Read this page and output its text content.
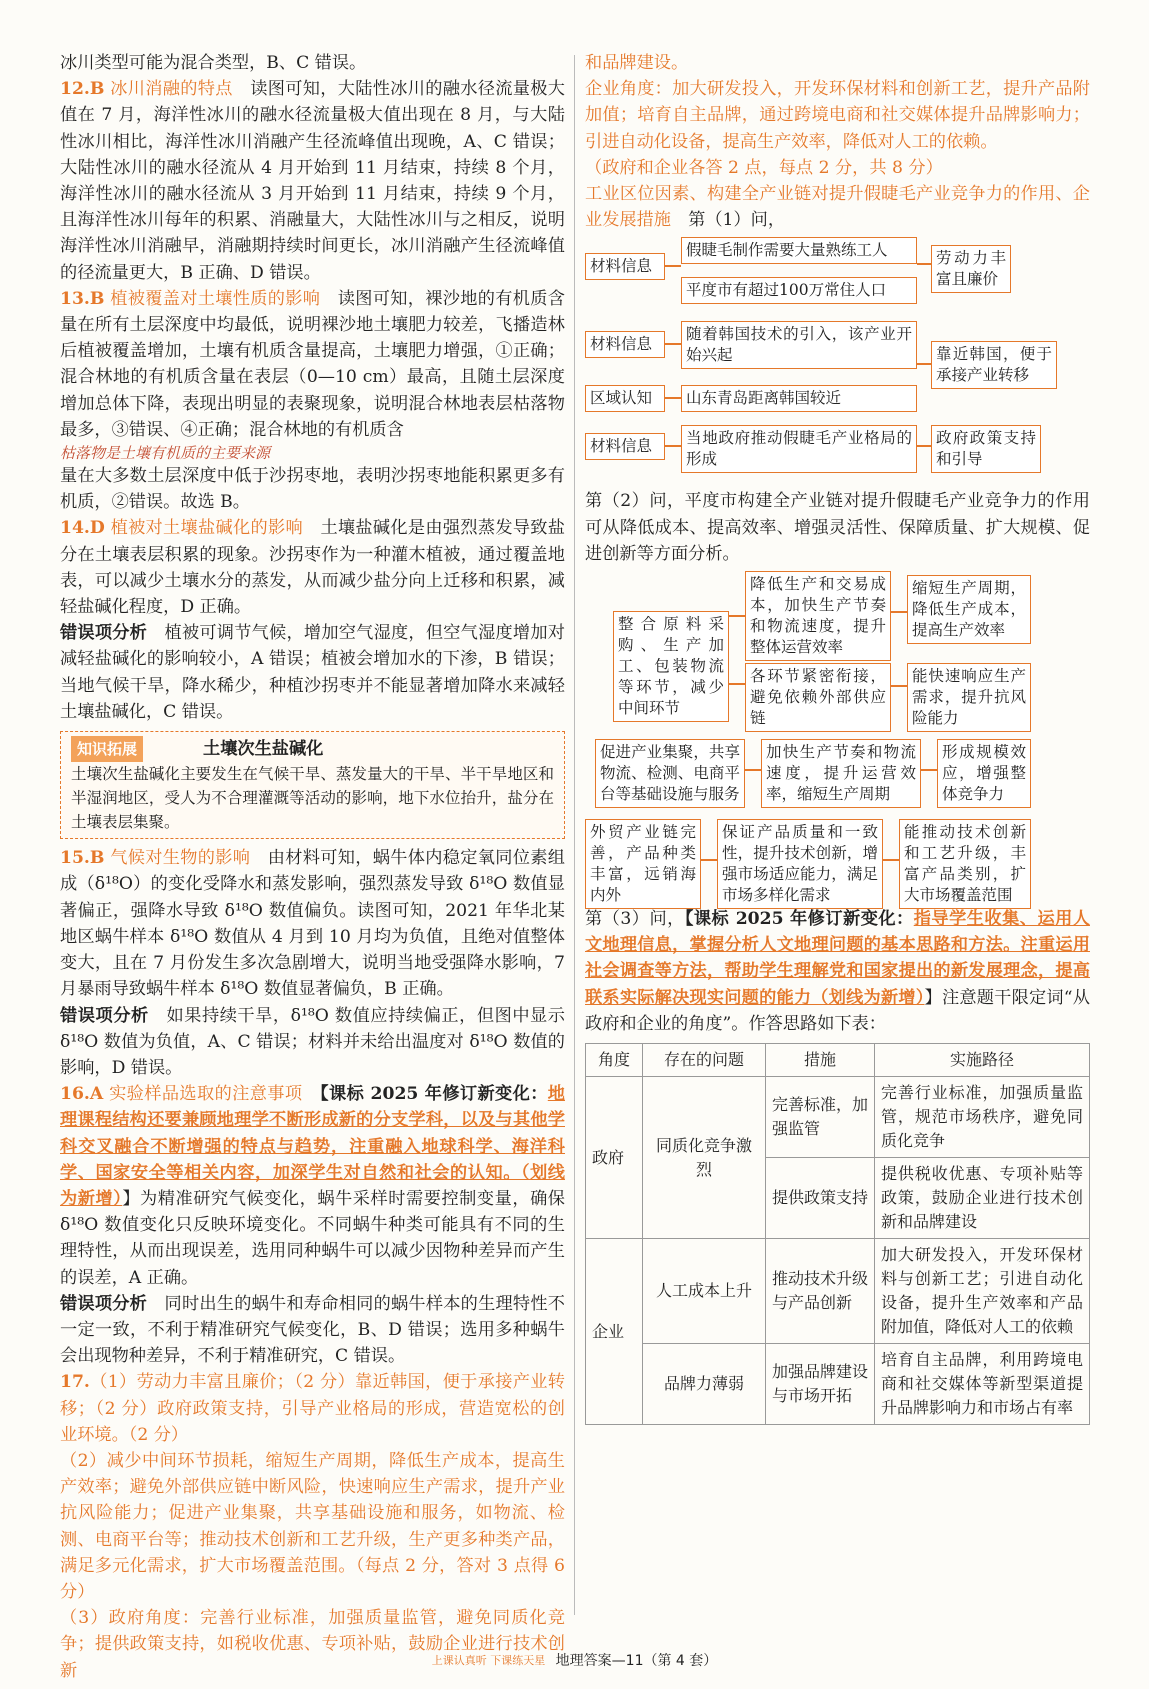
冰川类型可能为混合类型，B、C 错误。

12.B 冰川消融的特点　 读图可知，大陆性冰川的融水径流量极大值在 7 月，海洋性冰川的融水径流量极大值出现在 8 月，与大陆性冰川相比，海洋性冰川消融产生径流峰值出现晚，A、C 错误；大陆性冰川的融水径流从 4 月开始到 11 月结束，持续 8 个月，海洋性冰川的融水径流从 3 月开始到 11 月结束，持续 9 个月，且海洋性冰川每年的积累、消融量大，大陆性冰川与之相反，说明海洋性冰川消融早，消融期持续时间更长，冰川消融产生径流峰值的径流量更大，B 正确、D 错误。

13.B 植被覆盖对土壤性质的影响　 读图可知，裸沙地的有机质含量在所有土层深度中均最低，说明裸沙地土壤肥力较差，飞播造林后植被覆盖增加，土壤有机质含量提高，土壤肥力增强，①正确；混合林地的有机质含量在表层（0—10 cm）最高，且随土层深度增加总体下降，表现出明显的表聚现象，说明混合林地表层枯落物最多，③错误、④正确；混合林地的有机质含

枯落物是土壤有机质的主要来源

量在大多数土层深度中低于沙拐枣地，表明沙拐枣地能积累更多有机质，②错误。故选 B。

14.D 植被对土壤盐碱化的影响　 土壤盐碱化是由强烈蒸发导致盐分在土壤表层积累的现象。沙拐枣作为一种灌木植被，通过覆盖地表，可以减少土壤水分的蒸发，从而减少盐分向上迁移和积累，减轻盐碱化程度，D 正确。

错误项分析　 植被可调节气候，增加空气湿度，但空气湿度增加对减轻盐碱化的影响较小，A 错误；植被会增加水的下渗，B 错误；当地气候干旱，降水稀少，种植沙拐枣并不能显著增加降水来减轻土壤盐碱化，C 错误。

知识拓展	土壤次生盐碱化
土壤次生盐碱化主要发生在气候干旱、蒸发量大的干旱、半干旱地区和半湿润地区，受人为不合理灌溉等活动的影响，地下水位抬升，盐分在土壤表层集聚。

15.B 气候对生物的影响　 由材料可知，蜗牛体内稳定氧同位素组成（δ¹⁸O）的变化受降水和蒸发影响，强烈蒸发导致 δ¹⁸O 数值显著偏正，强降水导致 δ¹⁸O 数值偏负。读图可知，2021 年华北某地区蜗牛样本 δ¹⁸O 数值从 4 月到 10 月均为负值，且绝对值整体变大，且在 7 月份发生多次急剧增大，说明当地受强降水影响，7 月暴雨导致蜗牛样本 δ¹⁸O 数值显著偏负，B 正确。

错误项分析　 如果持续干旱，δ¹⁸O 数值应持续偏正，但图中显示 δ¹⁸O 数值为负值，A、C 错误；材料并未给出温度对 δ¹⁸O 数值的影响，D 错误。

16.A 实验样品选取的注意事项　 【课标 2025 年修订新变化：地理课程结构还要兼顾地理学不断形成新的分支学科，以及与其他学科交叉融合不断增强的特点与趋势，注重融入地球科学、海洋科学、国家安全等相关内容，加深学生对自然和社会的认知。（划线为新增）】为精准研究气候变化，蜗牛采样时需要控制变量，确保 δ¹⁸O 数值变化只反映环境变化。不同蜗牛种类可能具有不同的生理特性，从而出现误差，选用同种蜗牛可以减少因物种差异而产生的误差，A 正确。

错误项分析　 同时出生的蜗牛和寿命相同的蜗牛样本的生理特性不一定一致，不利于精准研究气候变化，B、D 错误；选用多种蜗牛会出现物种差异，不利于精准研究，C 错误。

17.（1）劳动力丰富且廉价；（2 分）靠近韩国，便于承接产业转移；（2 分）政府政策支持，引导产业格局的形成，营造宽松的创业环境。（2 分）

（2）减少中间环节损耗，缩短生产周期，降低生产成本，提高生产效率；避免外部供应链中断风险，快速响应生产需求，提升产业抗风险能力；促进产业集聚，共享基础设施和服务，如物流、检测、电商平台等；推动技术创新和工艺升级，生产更多种类产品，满足多元化需求，扩大市场覆盖范围。（每点 2 分，答对 3 点得 6 分）

（3）政府角度：完善行业标准，加强质量监管，避免同质化竞争；提供政策支持，如税收优惠、专项补贴，鼓励企业进行技术创新

和品牌建设。

企业角度：加大研发投入，开发环保材料和创新工艺，提升产品附加值；培育自主品牌，通过跨境电商和社交媒体提升品牌影响力；引进自动化设备，提高生产效率，降低对人工的依赖。

（政府和企业各答 2 点，每点 2 分，共 8 分）

工业区位因素、构建全产业链对提升假睫毛产业竞争力的作用、企业发展措施　 第（1）问，

材料信息
假睫毛制作需要大量熟练工人
平度市有超过100万常住人口
劳动力丰富且廉价
材料信息
随着韩国技术的引入，该产业开始兴起
区域认知	山东青岛距离韩国较近
靠近韩国，便于承接产业转移
材料信息	当地政府推动假睫毛产业格局的形成
政府政策支持和引导

第（2）问，平度市构建全产业链对提升假睫毛产业竞争力的作用可从降低成本、提高效率、增强灵活性、保障质量、扩大规模、促进创新等方面分析。

整合原料采购、生产加工、包装物流等环节，减少中间环节
降低生产和交易成本，加快生产节奏和物流速度，提升整体运营效率
缩短生产周期，降低生产成本，提高生产效率
各环节紧密衔接，避免依赖外部供应链
能快速响应生产需求，提升抗风险能力
促进产业集聚，共享物流、检测、电商平台等基础设施与服务
加快生产节奏和物流速度，提升运营效率，缩短生产周期
形成规模效应，增强整体竞争力
外贸产业链完善，产品种类丰富，远销海内外
保证产品质量和一致性，提升技术创新，增强市场适应能力，满足市场多样化需求
能推动技术创新和工艺升级，丰富产品类别，扩大市场覆盖范围

第（3）问，【课标 2025 年修订新变化：指导学生收集、运用人文地理信息，掌握分析人文地理问题的基本思路和方法。注重运用社会调查等方法，帮助学生理解党和国家提出的新发展理念，提高联系实际解决现实问题的能力（划线为新增）】注意题干限定词“从政府和企业的角度”。作答思路如下表：

角度	存在的问题	措施	实施路径
政府	同质化竞争激烈	完善标准，加强监管	完善行业标准，加强质量监管，规范市场秩序，避免同质化竞争
		提供政策支持	提供税收优惠、专项补贴等政策，鼓励企业进行技术创新和品牌建设
企业	人工成本上升	推动技术升级与产品创新	加大研发投入，开发环保材料与创新工艺；引进自动化设备，提升生产效率和产品附加值，降低对人工的依赖
	品牌力薄弱	加强品牌建设与市场开拓	培育自主品牌，利用跨境电商和社交媒体等新型渠道提升品牌影响力和市场占有率
上课认真听 下课练天星 地理答案—11（第 4 套）
